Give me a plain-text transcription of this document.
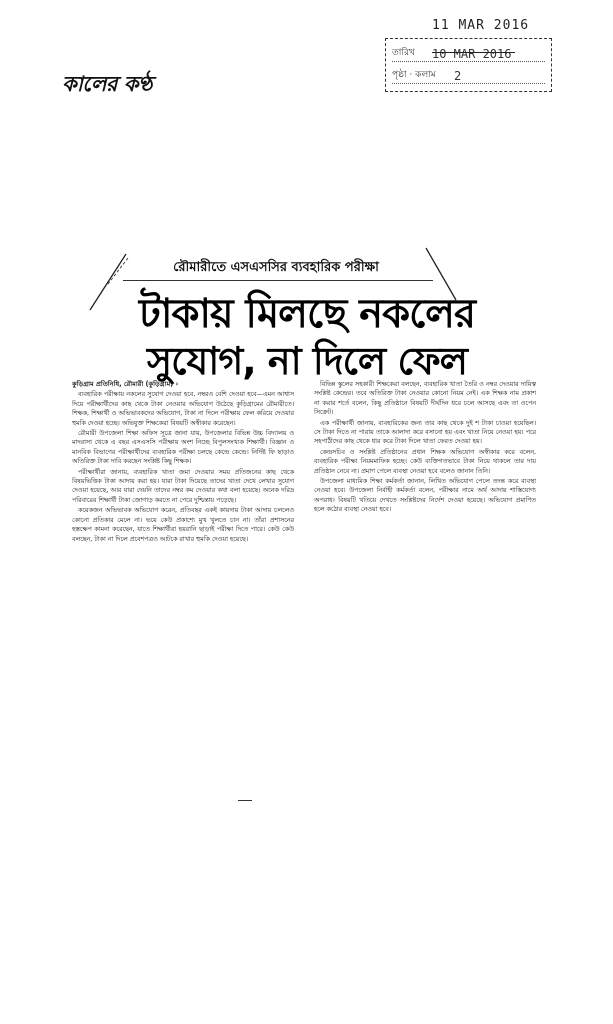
11 MAR 2016
তারিখ 10 MAR 2016
পৃষ্ঠা · কলাম 2
কালের কণ্ঠ
রৌমারীতে এসএসসির ব্যবহারিক পরীক্ষা
টাকায় মিলছে নকলের
সুযোগ, না দিলে ফেল
কুড়িগ্রাম প্রতিনিধি, রৌমারী (কুড়িগ্রাম) ›

ব্যবহারিক পরীক্ষায় নকলের সুযোগ দেওয়া হবে, নম্বরও বেশি দেওয়া হবে—এমন আশ্বাস দিয়ে পরীক্ষার্থীদের কাছ থেকে টাকা নেওয়ার অভিযোগ উঠেছে কুড়িগ্রামের রৌমারীতে। শিক্ষক, শিক্ষার্থী ও অভিভাবকদের অভিযোগ, টাকা না দিলে পরীক্ষায় ফেল করিয়ে দেওয়ার হুমকি দেওয়া হচ্ছে। অভিযুক্ত শিক্ষকেরা বিষয়টি অস্বীকার করেছেন।

রৌমারী উপজেলা শিক্ষা অফিস সূত্রে জানা যায়, উপজেলার বিভিন্ন উচ্চ বিদ্যালয় ও মাদরাসা থেকে এ বছর এসএসসি পরীক্ষায় অংশ নিচ্ছে বিপুলসংখ্যক শিক্ষার্থী। বিজ্ঞান ও মানবিক বিভাগের পরীক্ষার্থীদের ব্যবহারিক পরীক্ষা চলছে কেন্দ্রে কেন্দ্রে। নির্দিষ্ট ফি ছাড়াও অতিরিক্ত টাকা দাবি করছেন সংশ্লিষ্ট কিছু শিক্ষক।

পরীক্ষার্থীরা জানায়, ব্যবহারিক খাতা জমা দেওয়ার সময় প্রতিজনের কাছ থেকে বিষয়ভিত্তিক টাকা আদায় করা হয়। যারা টাকা দিয়েছে তাদের খাতা দেখে লেখার সুযোগ দেওয়া হয়েছে, আর যারা দেয়নি তাদের নম্বর কম দেওয়ার কথা বলা হয়েছে। অনেক দরিদ্র পরিবারের শিক্ষার্থী টাকা জোগাড় করতে না পেরে দুশ্চিন্তায় পড়েছে।

কয়েকজন অভিভাবক অভিযোগ করেন, প্রতিবছর একই কায়দায় টাকা আদায় চললেও কোনো প্রতিকার মেলে না। ভয়ে কেউ প্রকাশ্যে মুখ খুলতে চান না। তাঁরা প্রশাসনের হস্তক্ষেপ কামনা করেছেন, যাতে শিক্ষার্থীরা হয়রানি ছাড়াই পরীক্ষা দিতে পারে। কেউ কেউ বলছেন, টাকা না দিলে প্রবেশপত্রও আটকে রাখার হুমকি দেওয়া হয়েছে।

বিভিন্ন স্কুলের সহকারী শিক্ষকেরা বলছেন, ব্যবহারিক খাতা তৈরি ও নম্বর দেওয়ার দায়িত্ব সংশ্লিষ্ট কেন্দ্রের। তবে অতিরিক্ত টাকা নেওয়ার কোনো নিয়ম নেই। এক শিক্ষক নাম প্রকাশ না করার শর্তে বলেন, কিছু প্রতিষ্ঠানে বিষয়টি দীর্ঘদিন ধরে চলে আসছে এবং তা ওপেন সিক্রেট।

এক পরীক্ষার্থী জানায়, ব্যবহারিকের জন্য তার কাছ থেকে দুই শ টাকা চাওয়া হয়েছিল। সে টাকা দিতে না পারায় তাকে আলাদা করে বসানো হয় এবং খাতা নিয়ে নেওয়া হয়। পরে সহপাঠীদের কাছ থেকে ধার করে টাকা দিলে খাতা ফেরত দেওয়া হয়।

কেন্দ্রসচিব ও সংশ্লিষ্ট প্রতিষ্ঠানের প্রধান শিক্ষক অভিযোগ অস্বীকার করে বলেন, ব্যবহারিক পরীক্ষা নিয়মমাফিক হচ্ছে। কেউ ব্যক্তিগতভাবে টাকা নিয়ে থাকলে তার দায় প্রতিষ্ঠান নেবে না। প্রমাণ পেলে ব্যবস্থা নেওয়া হবে বলেও জানান তিনি।

উপজেলা মাধ্যমিক শিক্ষা কর্মকর্তা জানান, লিখিত অভিযোগ পেলে তদন্ত করে ব্যবস্থা নেওয়া হবে। উপজেলা নির্বাহী কর্মকর্তা বলেন, পরীক্ষার নামে অর্থ আদায় শাস্তিযোগ্য অপরাধ। বিষয়টি খতিয়ে দেখতে সংশ্লিষ্টদের নির্দেশ দেওয়া হয়েছে। অভিযোগ প্রমাণিত হলে কঠোর ব্যবস্থা নেওয়া হবে।
